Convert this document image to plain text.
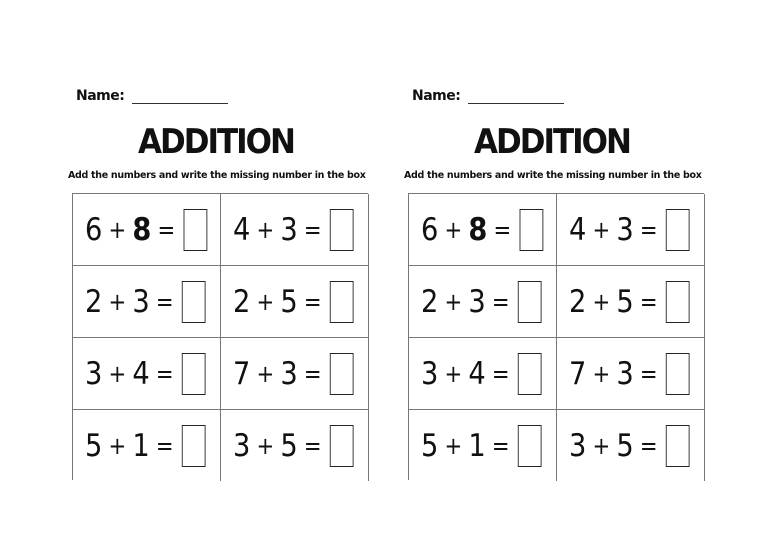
Name:
ADDITION
Add the numbers and write the missing number in the box
6 + 8 = 4 + 3 =
2 + 3 = 2 + 5 =
3 + 4 = 7 + 3 =
5 + 1 = 3 + 5 =
Name:
ADDITION
Add the numbers and write the missing number in the box
6 + 8 = 4 + 3 =
2 + 3 = 2 + 5 =
3 + 4 = 7 + 3 =
5 + 1 = 3 + 5 =
